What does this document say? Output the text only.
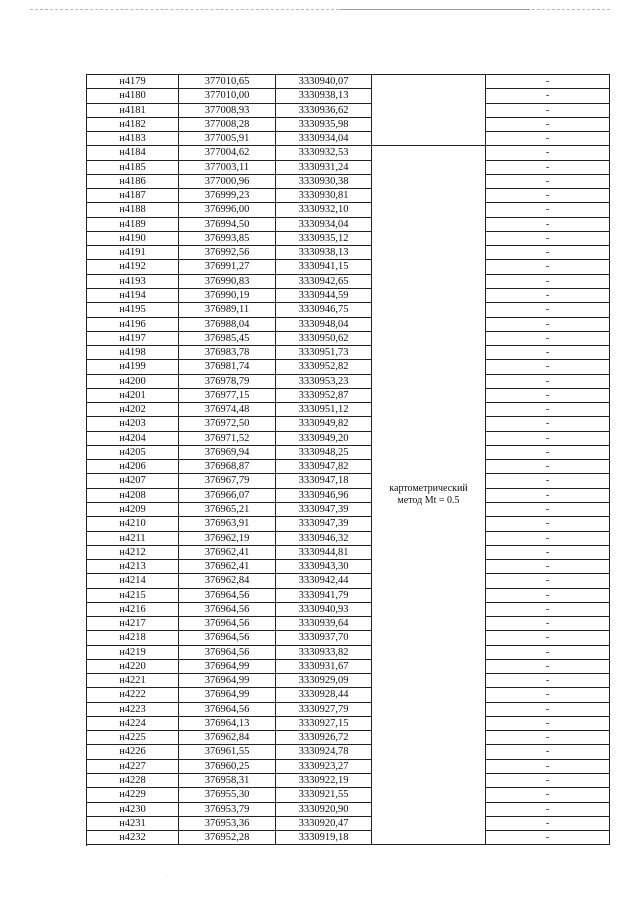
картометрический
метод Mt = 0.5
н4179	377010,65	3330940,07	-
н4180	377010,00	3330938,13	-
н4181	377008,93	3330936,62	-
н4182	377008,28	3330935,98	-
н4183	377005,91	3330934,04	-
н4184	377004,62	3330932,53	-
н4185	377003,11	3330931,24	-
н4186	377000,96	3330930,38	-
н4187	376999,23	3330930,81	-
н4188	376996,00	3330932,10	-
н4189	376994,50	3330934,04	-
н4190	376993,85	3330935,12	-
н4191	376992,56	3330938,13	-
н4192	376991,27	3330941,15	-
н4193	376990,83	3330942,65	-
н4194	376990,19	3330944,59	-
н4195	376989,11	3330946,75	-
н4196	376988,04	3330948,04	-
н4197	376985,45	3330950,62	-
н4198	376983,78	3330951,73	-
н4199	376981,74	3330952,82	-
н4200	376978,79	3330953,23	-
н4201	376977,15	3330952,87	-
н4202	376974,48	3330951,12	-
н4203	376972,50	3330949,82	-
н4204	376971,52	3330949,20	-
н4205	376969,94	3330948,25	-
н4206	376968,87	3330947,82	-
н4207	376967,79	3330947,18	-
н4208	376966,07	3330946,96	-
н4209	376965,21	3330947,39	-
н4210	376963,91	3330947,39	-
н4211	376962,19	3330946,32	-
н4212	376962,41	3330944,81	-
н4213	376962,41	3330943,30	-
н4214	376962,84	3330942,44	-
н4215	376964,56	3330941,79	-
н4216	376964,56	3330940,93	-
н4217	376964,56	3330939,64	-
н4218	376964,56	3330937,70	-
н4219	376964,56	3330933,82	-
н4220	376964,99	3330931,67	-
н4221	376964,99	3330929,09	-
н4222	376964,99	3330928,44	-
н4223	376964,56	3330927,79	-
н4224	376964,13	3330927,15	-
н4225	376962,84	3330926,72	-
н4226	376961,55	3330924,78	-
н4227	376960,25	3330923,27	-
н4228	376958,31	3330922,19	-
н4229	376955,30	3330921,55	-
н4230	376953,79	3330920,90	-
н4231	376953,36	3330920,47	-
н4232	376952,28	3330919,18	-
·
